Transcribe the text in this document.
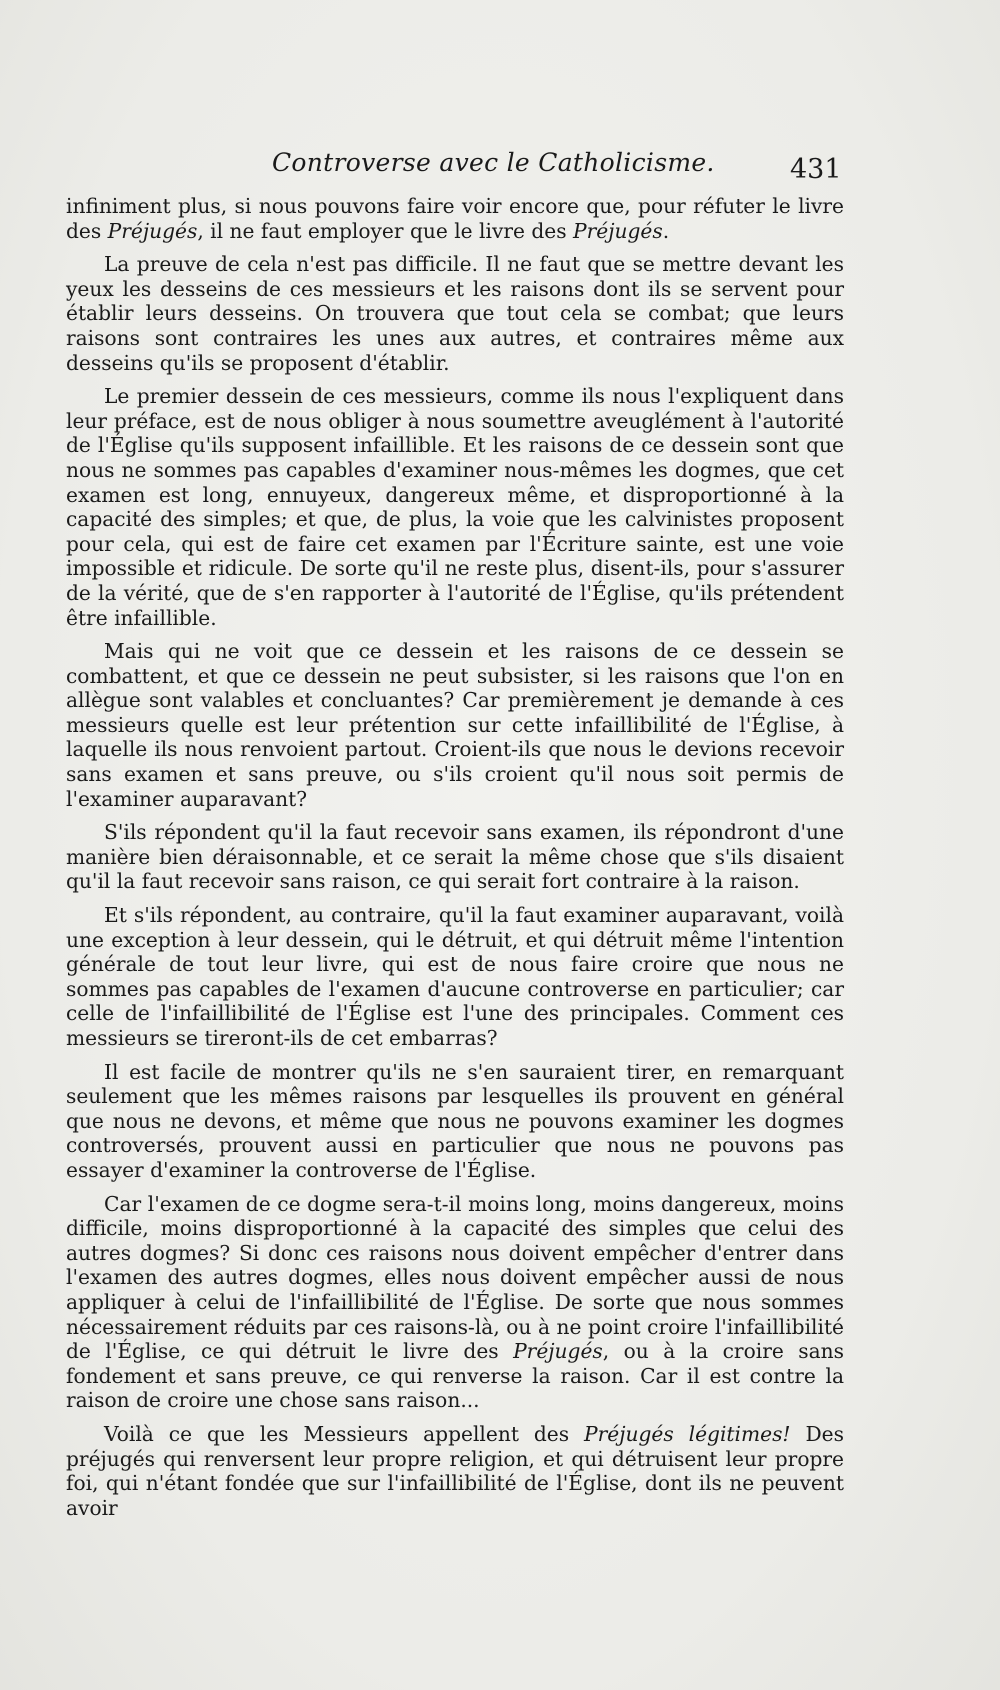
Controverse avec le Catholicisme.	431

infiniment plus, si nous pouvons faire voir encore que, pour réfuter le livre des Préjugés, il ne faut employer que le livre des Préjugés.

La preuve de cela n'est pas difficile. Il ne faut que se mettre devant les yeux les desseins de ces messieurs et les raisons dont ils se servent pour établir leurs desseins. On trouvera que tout cela se combat; que leurs raisons sont contraires les unes aux autres, et contraires même aux desseins qu'ils se proposent d'établir.

Le premier dessein de ces messieurs, comme ils nous l'expliquent dans leur préface, est de nous obliger à nous soumettre aveuglément à l'autorité de l'Église qu'ils supposent infaillible. Et les raisons de ce dessein sont que nous ne sommes pas capables d'examiner nous-mêmes les dogmes, que cet examen est long, ennuyeux, dangereux même, et disproportionné à la capacité des simples; et que, de plus, la voie que les calvinistes proposent pour cela, qui est de faire cet examen par l'Écriture sainte, est une voie impossible et ridicule. De sorte qu'il ne reste plus, disent-ils, pour s'assurer de la vérité, que de s'en rapporter à l'autorité de l'Église, qu'ils prétendent être infaillible.

Mais qui ne voit que ce dessein et les raisons de ce dessein se combattent, et que ce dessein ne peut subsister, si les raisons que l'on en allègue sont valables et concluantes? Car premièrement je demande à ces messieurs quelle est leur prétention sur cette infaillibilité de l'Église, à laquelle ils nous renvoient partout. Croient-ils que nous le devions recevoir sans examen et sans preuve, ou s'ils croient qu'il nous soit permis de l'examiner auparavant?

S'ils répondent qu'il la faut recevoir sans examen, ils répondront d'une manière bien déraisonnable, et ce serait la même chose que s'ils disaient qu'il la faut recevoir sans raison, ce qui serait fort contraire à la raison.

Et s'ils répondent, au contraire, qu'il la faut examiner auparavant, voilà une exception à leur dessein, qui le détruit, et qui détruit même l'intention générale de tout leur livre, qui est de nous faire croire que nous ne sommes pas capables de l'examen d'aucune controverse en particulier; car celle de l'infaillibilité de l'Église est l'une des principales. Comment ces messieurs se tireront-ils de cet embarras?

Il est facile de montrer qu'ils ne s'en sauraient tirer, en remarquant seulement que les mêmes raisons par lesquelles ils prouvent en général que nous ne devons, et même que nous ne pouvons examiner les dogmes controversés, prouvent aussi en particulier que nous ne pouvons pas essayer d'examiner la controverse de l'Église.

Car l'examen de ce dogme sera-t-il moins long, moins dangereux, moins difficile, moins disproportionné à la capacité des simples que celui des autres dogmes? Si donc ces raisons nous doivent empêcher d'entrer dans l'examen des autres dogmes, elles nous doivent empêcher aussi de nous appliquer à celui de l'infaillibilité de l'Église. De sorte que nous sommes nécessairement réduits par ces raisons-là, ou à ne point croire l'infaillibilité de l'Église, ce qui détruit le livre des Préjugés, ou à la croire sans fondement et sans preuve, ce qui renverse la raison. Car il est contre la raison de croire une chose sans raison...

Voilà ce que les Messieurs appellent des Préjugés légitimes! Des préjugés qui renversent leur propre religion, et qui détruisent leur propre foi, qui n'étant fondée que sur l'infaillibilité de l'Église, dont ils ne peuvent avoir
